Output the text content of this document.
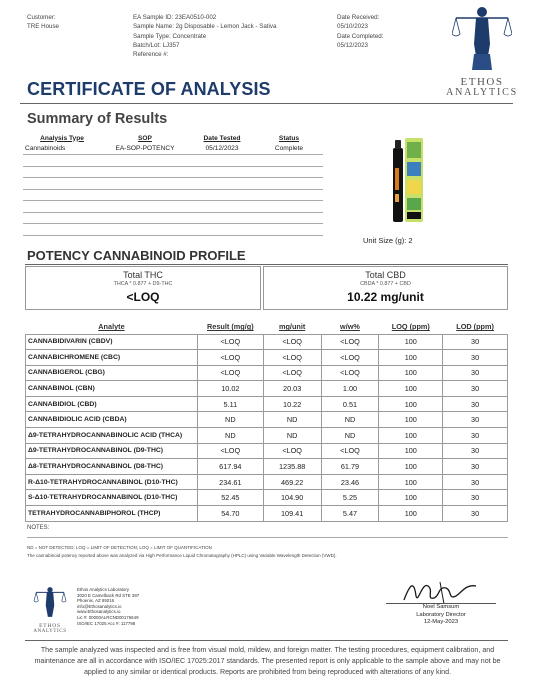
Customer:
TRE House
EA Sample ID: 23EA0510-002
Sample Name: 2g Disposable - Lemon Jack - Sativa
Sample Type: Concentrate
Batch/Lot: LJ357
Reference #:
Date Received:
05/10/2023
Date Completed:
05/12/2023
ETHOS
ANALYTICS
CERTIFICATE OF ANALYSIS
Summary of Results
Analysis Type	SOP	Date Tested	Status
Cannabinoids	EA-SOP-POTENCY	05/12/2023	Complete

Unit Size (g): 2
POTENCY CANNABINOID PROFILE
Total THC
THCA * 0.877 + D9-THC
<LOQ
Total CBD
CBDA * 0.877 + CBD
10.22 mg/unit
Analyte	Result (mg/g)	mg/unit	w/w%	LOQ (ppm)	LOD (ppm)
CANNABIDIVARIN (CBDV)	<LOQ	<LOQ	<LOQ	100	30
CANNABICHROMENE (CBC)	<LOQ	<LOQ	<LOQ	100	30
CANNABIGEROL (CBG)	<LOQ	<LOQ	<LOQ	100	30
CANNABINOL (CBN)	10.02	20.03	1.00	100	30
CANNABIDIOL (CBD)	5.11	10.22	0.51	100	30
CANNABIDIOLIC ACID (CBDA)	ND	ND	ND	100	30
Δ9-TETRAHYDROCANNABINOLIC ACID (THCA)	ND	ND	ND	100	30
Δ9-TETRAHYDROCANNABINOL (D9-THC)	<LOQ	<LOQ	<LOQ	100	30
Δ8-TETRAHYDROCANNABINOL (D8-THC)	617.94	1235.88	61.79	100	30
R-Δ10-TETRAHYDROCANNABINOL (D10-THC)	234.61	469.22	23.46	100	30
S-Δ10-TETRAHYDROCANNABINOL (D10-THC)	52.45	104.90	5.25	100	30
TETRAHYDROCANNABIPHOROL (THCP)	54.70	109.41	5.47	100	30
NOTES:
ND = NOT DETECTED; LOQ = LIMIT OF DETECTION; LOQ = LIMIT OF QUANTIFICATION
The cannabinoid potency reported above was analyzed via High Performance Liquid Chromatography (HPLC) using Variable Wavelength Detection (VWD).
ETHOS
ANALYTICS
Ethos Analytics Laboratory
3020 E Camelback Rd STE 397
Phoenix, AZ 85016
info@Ethosanalytics.io
www.Ethosanalytics.io
Lic #: 00000ALRCND00176649
ISO/IEC 17025 Acc #: 117798
Noel Samsum
Laboratory Director
12-May-2023
The sample analyzed was inspected and is free from visual mold, mildew, and foreign matter. The testing procedures, equipment calibration, and maintenance are all in accordance with ISO/IEC 17025:2017 standards. The presented report is only applicable to the sample above and may not be applied to any similar or identical products. Reports are prohibited from being reproduced with alterations of any kind.
